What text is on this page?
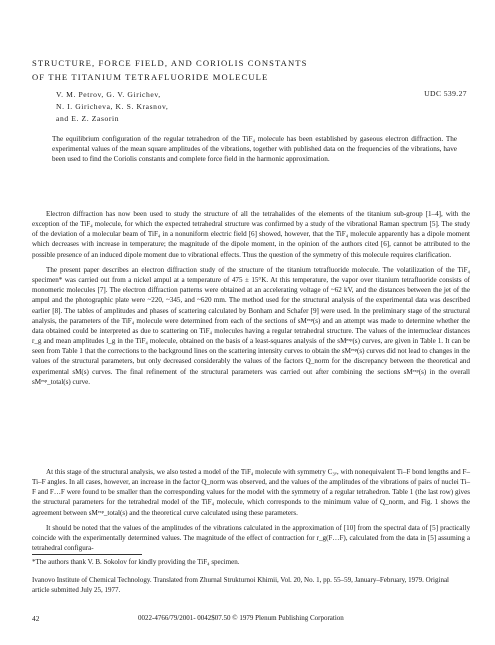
STRUCTURE, FORCE FIELD, AND CORIOLIS CONSTANTS
OF THE TITANIUM TETRAFLUORIDE MOLECULE
V. M. Petrov, G. V. Girichev,
N. I. Giricheva, K. S. Krasnov,
and E. Z. Zasorin
UDC 539.27
The equilibrium configuration of the regular tetrahedron of the TiF₄ molecule has been established by gaseous electron diffraction. The experimental values of the mean square amplitudes of the vibrations, together with published data on the frequencies of the vibrations, have been used to find the Coriolis constants and complete force field in the harmonic approximation.

Electron diffraction has now been used to study the structure of all the tetrahalides of the elements of the titanium sub-group [1–4], with the exception of the TiF₄ molecule, for which the expected tetrahedral structure was confirmed by a study of the vibrational Raman spectrum [5]. The study of the deviation of a molecular beam of TiF₄ in a nonuniform electric field [6] showed, however, that the TiF₄ molecule apparently has a dipole moment which decreases with increase in temperature; the magnitude of the dipole moment, in the opinion of the authors cited [6], cannot be attributed to the possible presence of an induced dipole moment due to vibrational effects. Thus the question of the symmetry of this molecule requires clarification.

The present paper describes an electron diffraction study of the structure of the titanium tetrafluoride molecule. The volatilization of the TiF₄ specimen* was carried out from a nickel ampul at a temperature of 475 ± 15°K. At this temperature, the vapor over titanium tetrafluoride consists of monomeric molecules [7]. The electron diffraction patterns were obtained at an accelerating voltage of ~62 kV, and the distances between the jet of the ampul and the photographic plate were ~220, ~345, and ~620 mm. The method used for the structural analysis of the experimental data was described earlier [8]. The tables of amplitudes and phases of scattering calculated by Bonham and Schafer [9] were used. In the preliminary stage of the structural analysis, the parameters of the TiF₄ molecule were determined from each of the sections of sMᵉˣᵖ(s) and an attempt was made to determine whether the data obtained could be interpreted as due to scattering on TiF₄ molecules having a regular tetrahedral structure. The values of the internuclear distances r_g and mean amplitudes l_g in the TiF₄ molecule, obtained on the basis of a least-squares analysis of the sMᵉˣᵖ(s) curves, are given in Table 1. It can be seen from Table 1 that the corrections to the background lines on the scattering intensity curves to obtain the sMᵉˣᵖ(s) curves did not lead to changes in the values of the structural parameters, but only decreased considerably the values of the factors Q_norm for the discrepancy between the theoretical and experimental sM(s) curves. The final refinement of the structural parameters was carried out after combining the sections sMᵉˣᵖ(s) in the overall sMᵉˣᵖ_total(s) curve.

At this stage of the structural analysis, we also tested a model of the TiF₄ molecule with symmetry C₃ᵥ, with nonequivalent Ti–F bond lengths and F–Ti–F angles. In all cases, however, an increase in the factor Q_norm was observed, and the values of the amplitudes of the vibrations of pairs of nuclei Ti–F and F…F were found to be smaller than the corresponding values for the model with the symmetry of a regular tetrahedron. Table 1 (the last row) gives the structural parameters for the tetrahedral model of the TiF₄ molecule, which corresponds to the minimum value of Q_norm, and Fig. 1 shows the agreement between sMᵉˣᵖ_total(s) and the theoretical curve calculated using these parameters.

It should be noted that the values of the amplitudes of the vibrations calculated in the approximation of [10] from the spectral data of [5] practically coincide with the experimentally determined values. The magnitude of the effect of contraction for r_g(F…F), calculated from the data in [5] assuming a tetrahedral configura-

*The authors thank V. B. Sokolov for kindly providing the TiF₄ specimen.
Ivanovo Institute of Chemical Technology. Translated from Zhurnal Strukturnoi Khimii, Vol. 20, No. 1, pp. 55–59, January–February, 1979. Original article submitted July 25, 1977.
42	0022-4766/79/2001- 0042$07.50 © 1979 Plenum Publishing Corporation
